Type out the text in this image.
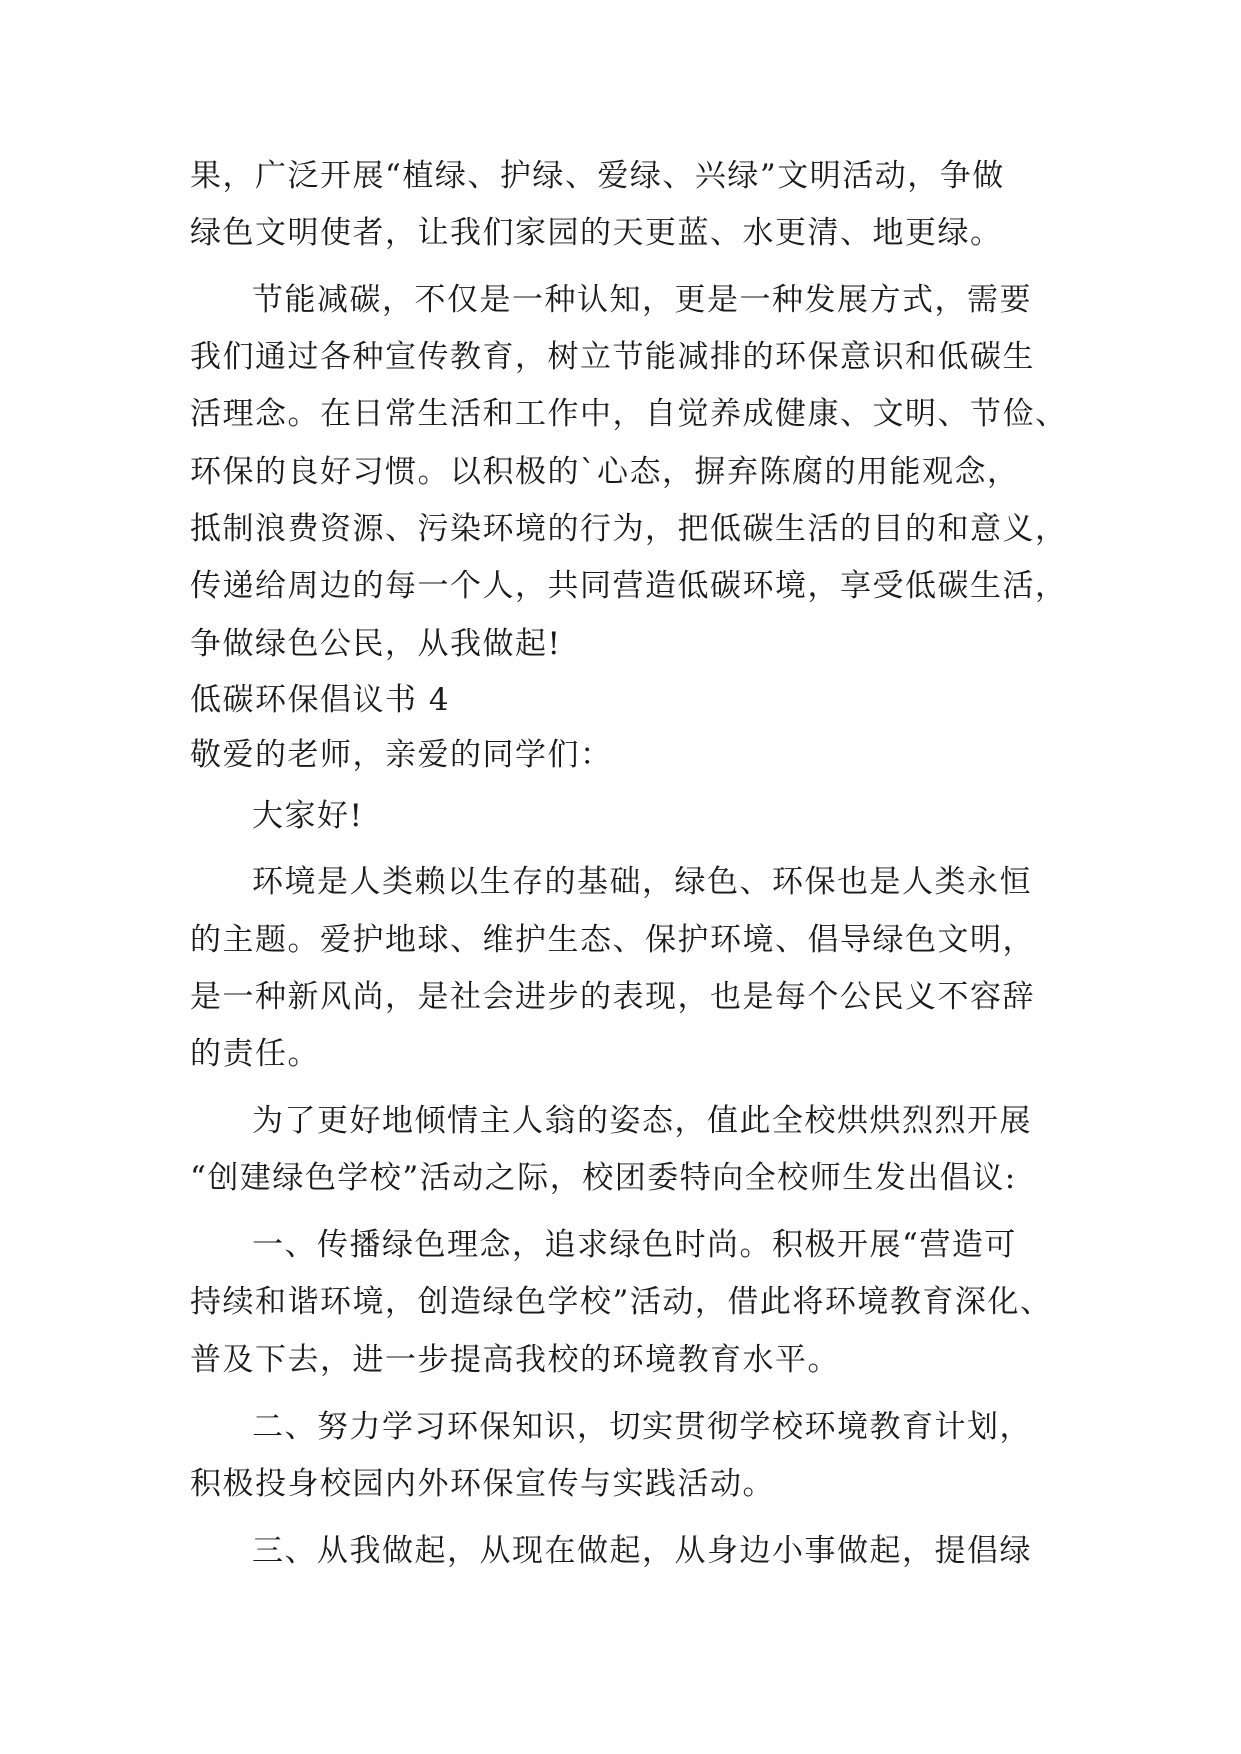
果，广泛开展“植绿、护绿、爱绿、兴绿”文明活动，争做
绿色文明使者，让我们家园的天更蓝、水更清、地更绿。
节能减碳，不仅是一种认知，更是一种发展方式，需要
我们通过各种宣传教育，树立节能减排的环保意识和低碳生
活理念。在日常生活和工作中，自觉养成健康、文明、节俭、
环保的良好习惯。以积极的`心态，摒弃陈腐的用能观念，
抵制浪费资源、污染环境的行为，把低碳生活的目的和意义，
传递给周边的每一个人，共同营造低碳环境，享受低碳生活，
争做绿色公民，从我做起!
低碳环保倡议书 4
敬爱的老师，亲爱的同学们：
大家好!
环境是人类赖以生存的基础，绿色、环保也是人类永恒
的主题。爱护地球、维护生态、保护环境、倡导绿色文明，
是一种新风尚，是社会进步的表现，也是每个公民义不容辞
的责任。
为了更好地倾情主人翁的姿态，值此全校烘烘烈烈开展
“创建绿色学校”活动之际，校团委特向全校师生发出倡议:
一、传播绿色理念，追求绿色时尚。积极开展“营造可
持续和谐环境，创造绿色学校”活动，借此将环境教育深化、
普及下去，进一步提高我校的环境教育水平。
二、努力学习环保知识，切实贯彻学校环境教育计划，
积极投身校园内外环保宣传与实践活动。
三、从我做起，从现在做起，从身边小事做起，提倡绿
